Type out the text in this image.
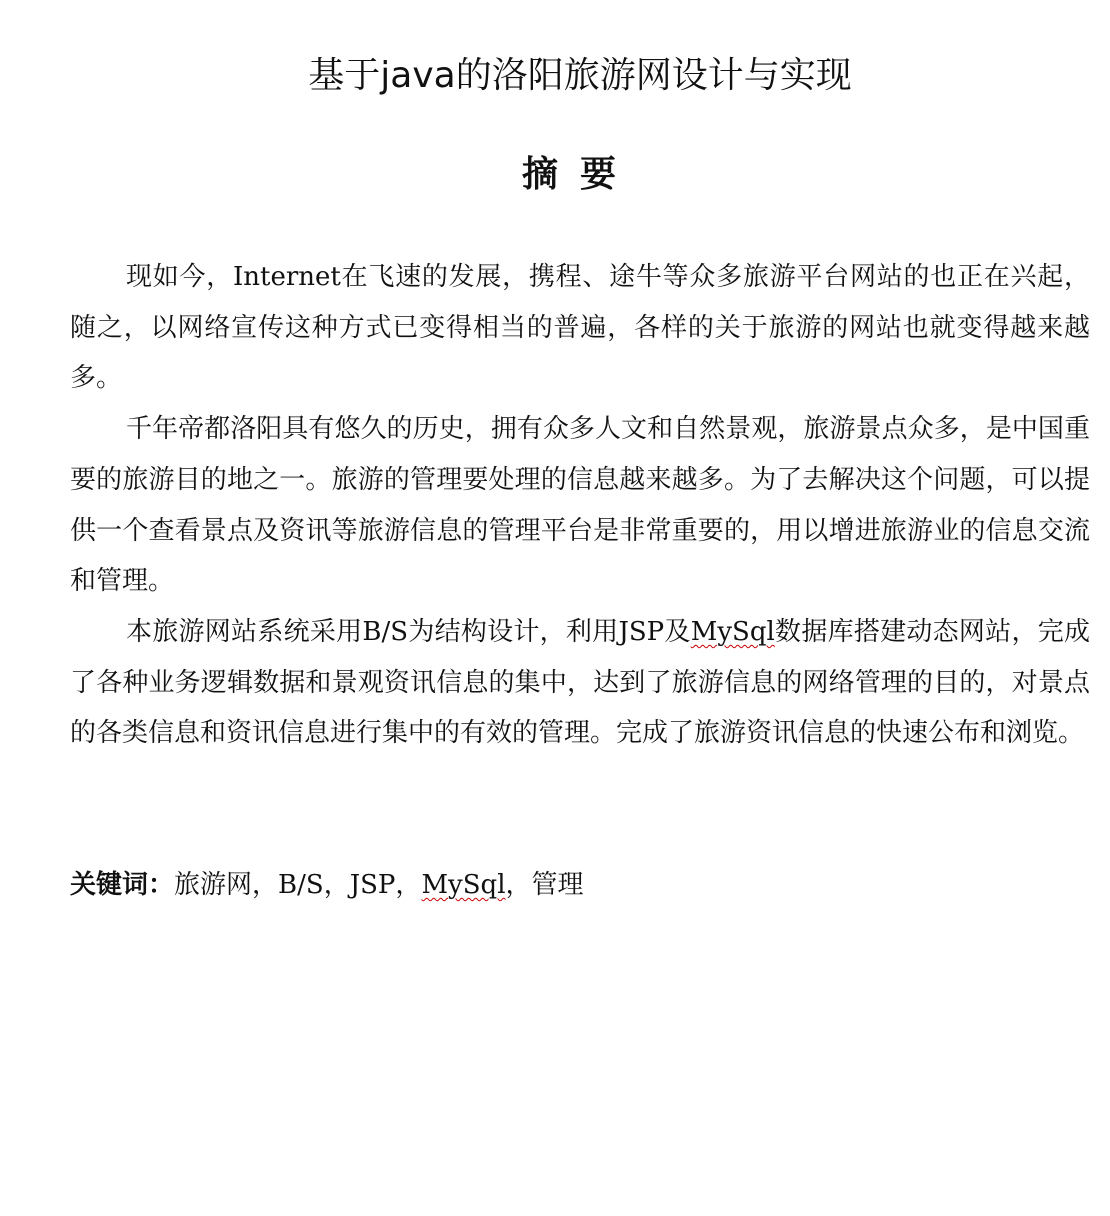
基于java的洛阳旅游网设计与实现
摘要

现如今，Internet在飞速的发展，携程、途牛等众多旅游平台网站的也正在兴起，随之，以网络宣传这种方式已变得相当的普遍，各样的关于旅游的网站也就变得越来越多。

千年帝都洛阳具有悠久的历史，拥有众多人文和自然景观，旅游景点众多，是中国重要的旅游目的地之一。旅游的管理要处理的信息越来越多。为了去解决这个问题，可以提供一个查看景点及资讯等旅游信息的管理平台是非常重要的，用以增进旅游业的信息交流和管理。

本旅游网站系统采用B/S为结构设计，利用JSP及MySql数据库搭建动态网站，完成了各种业务逻辑数据和景观资讯信息的集中，达到了旅游信息的网络管理的目的，对景点的各类信息和资讯信息进行集中的有效的管理。完成了旅游资讯信息的快速公布和浏览。

关键词：旅游网，B/S，JSP，MySql，管理
